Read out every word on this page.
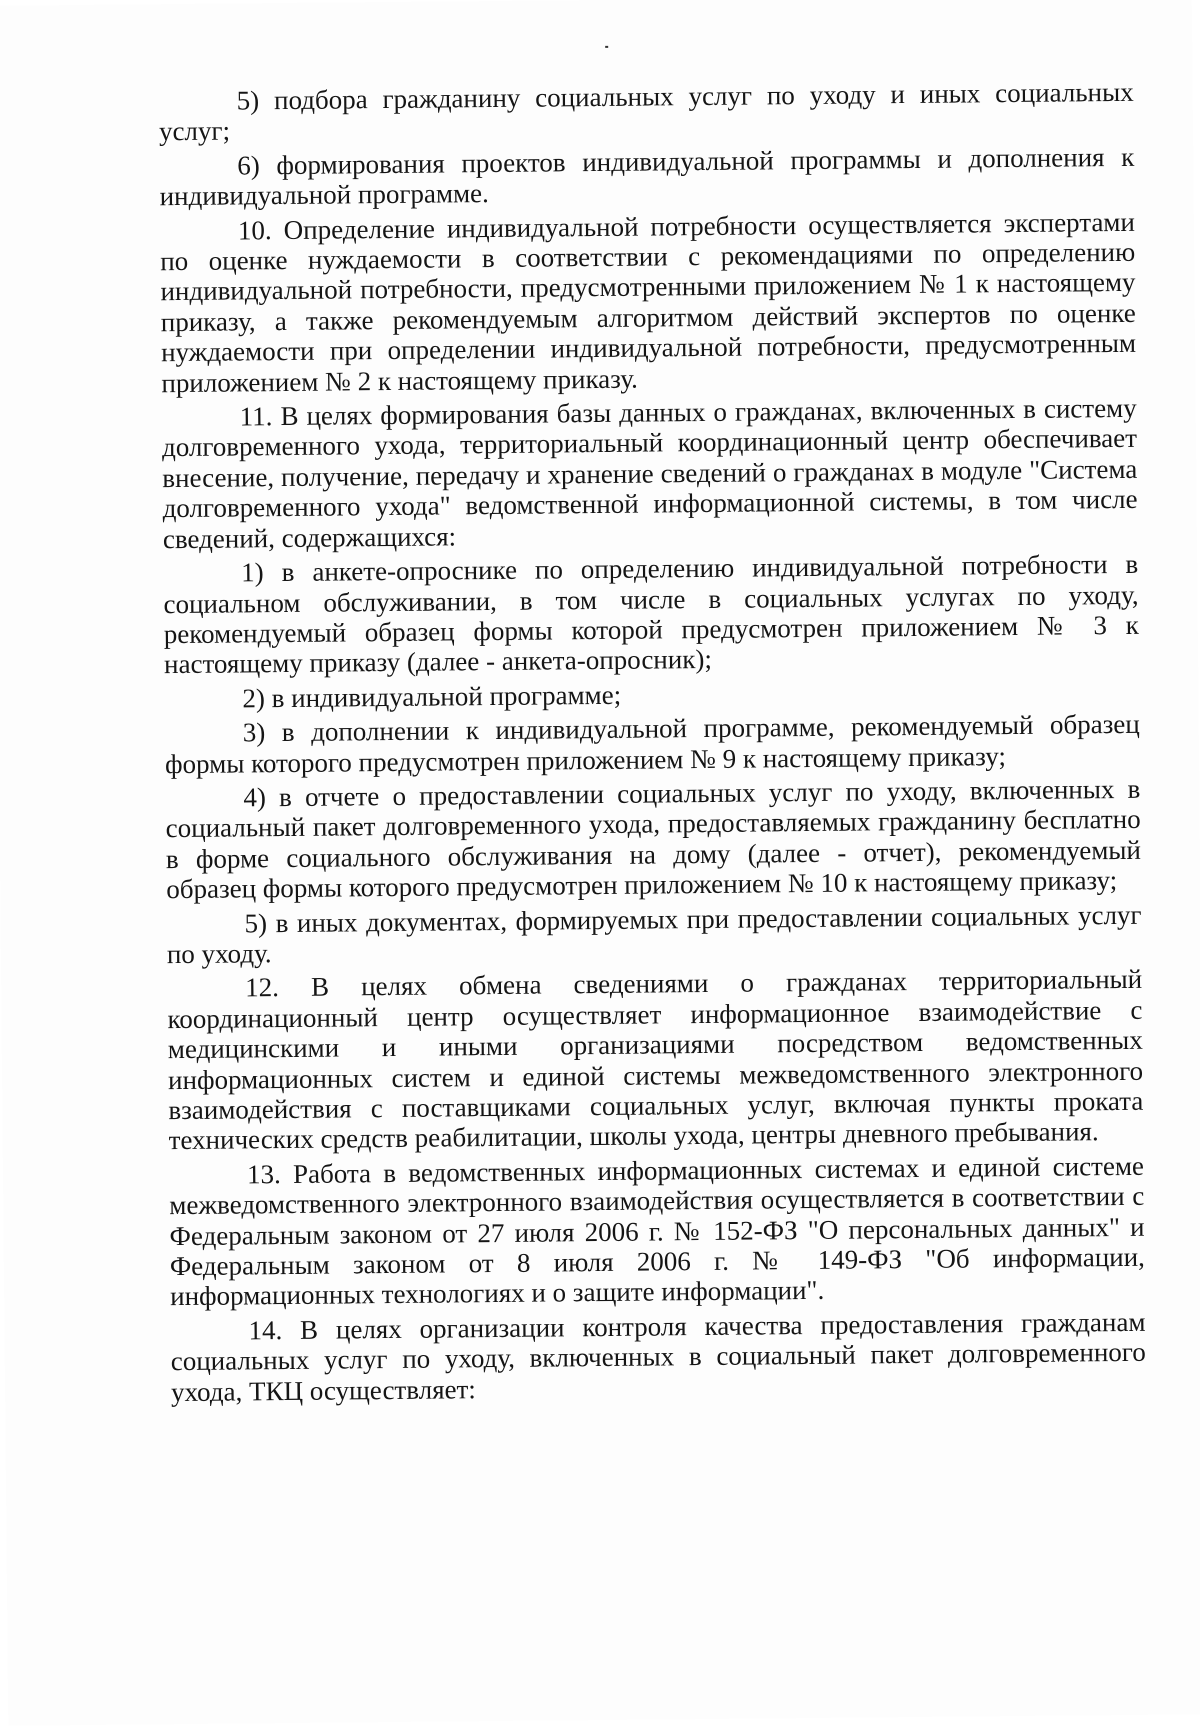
5) подбора гражданину социальных услуг по уходу и иных социальных услуг;

6) формирования проектов индивидуальной программы и дополнения к индивидуальной программе.

10. Определение индивидуальной потребности осуществляется экспертами по оценке нуждаемости в соответствии с рекомендациями по определению индивидуальной потребности, предусмотренными приложением № 1 к настоящему приказу, а также рекомендуемым алгоритмом действий экспертов по оценке нуждаемости при определении индивидуальной потребности, предусмотренным приложением № 2 к настоящему приказу.

11. В целях формирования базы данных о гражданах, включенных в систему долговременного ухода, территориальный координационный центр обеспечивает внесение, получение, передачу и хранение сведений о гражданах в модуле "Система долговременного ухода" ведомственной информационной системы, в том числе сведений, содержащихся:

1) в анкете-опроснике по определению индивидуальной потребности в социальном обслуживании, в том числе в социальных услугах по уходу, рекомендуемый образец формы которой предусмотрен приложением № 3 к настоящему приказу (далее - анкета-опросник);

2) в индивидуальной программе;

3) в дополнении к индивидуальной программе, рекомендуемый образец формы которого предусмотрен приложением № 9 к настоящему приказу;

4) в отчете о предоставлении социальных услуг по уходу, включенных в социальный пакет долговременного ухода, предоставляемых гражданину бесплатно в форме социального обслуживания на дому (далее - отчет), рекомендуемый образец формы которого предусмотрен приложением № 10 к настоящему приказу;

5) в иных документах, формируемых при предоставлении социальных услуг по уходу.

12. В целях обмена сведениями о гражданах территориальный координационный центр осуществляет информационное взаимодействие с медицинскими и иными организациями посредством ведомственных информационных систем и единой системы межведомственного электронного взаимодействия с поставщиками социальных услуг, включая пункты проката технических средств реабилитации, школы ухода, центры дневного пребывания.

13. Работа в ведомственных информационных системах и единой системе межведомственного электронного взаимодействия осуществляется в соответствии с Федеральным законом от 27 июля 2006 г. № 152-ФЗ "О персональных данных" и Федеральным законом от 8 июля 2006 г. № 149-ФЗ "Об информации, информационных технологиях и о защите информации".

14. В целях организации контроля качества предоставления гражданам социальных услуг по уходу, включенных в социальный пакет долговременного ухода, ТКЦ осуществляет:
